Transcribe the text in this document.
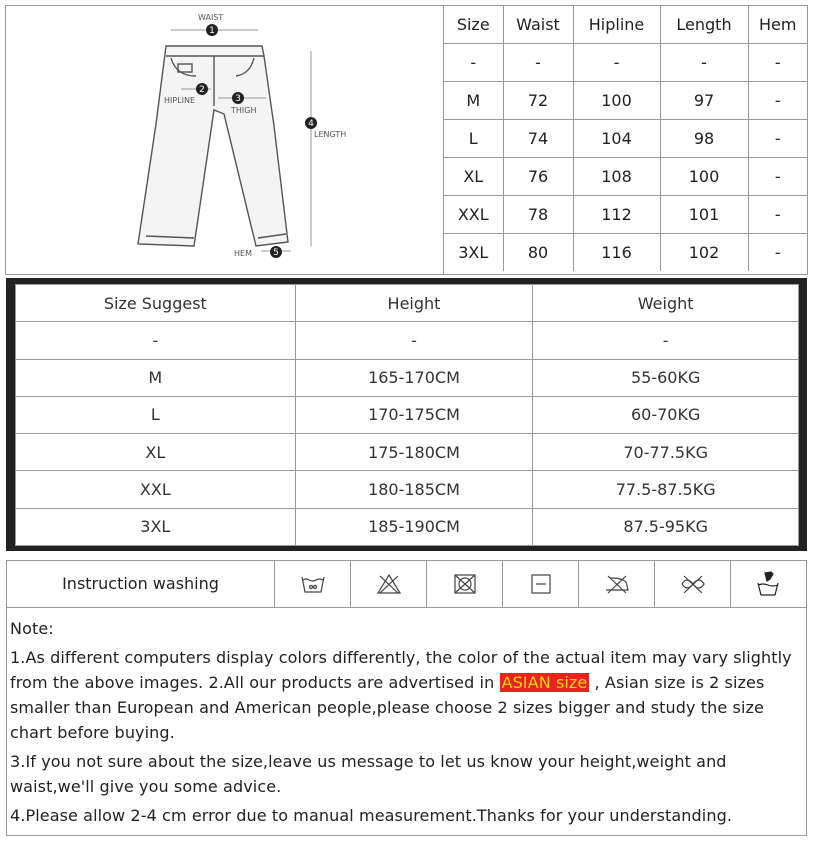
1
2
3
4
5
WAIST
HIPLINE
THIGH
LENGTH
HEM
Size	Waist	Hipline	Length	Hem
-	-	-	-	-
M	72	100	97	-
L	74	104	98	-
XL	76	108	100	-
XXL	78	112	101	-
3XL	80	116	102	-
Size Suggest	Height	Weight
-	-	-
M	165-170CM	55-60KG
L	170-175CM	60-70KG
XL	175-180CM	70-77.5KG
XXL	180-185CM	77.5-87.5KG
3XL	185-190CM	87.5-95KG
Instruction washing

Note:

1.As different computers display colors differently, the color of the actual item may vary slightly from the above images. 2.All our products are advertised in ASIAN size , Asian size is 2 sizes smaller than European and American people,please choose 2 sizes bigger and study the size chart before buying.

3.If you not sure about the size,leave us message to let us know your height,weight and waist,we'll give you some advice.

4.Please allow 2-4 cm error due to manual measurement.Thanks for your understanding.
